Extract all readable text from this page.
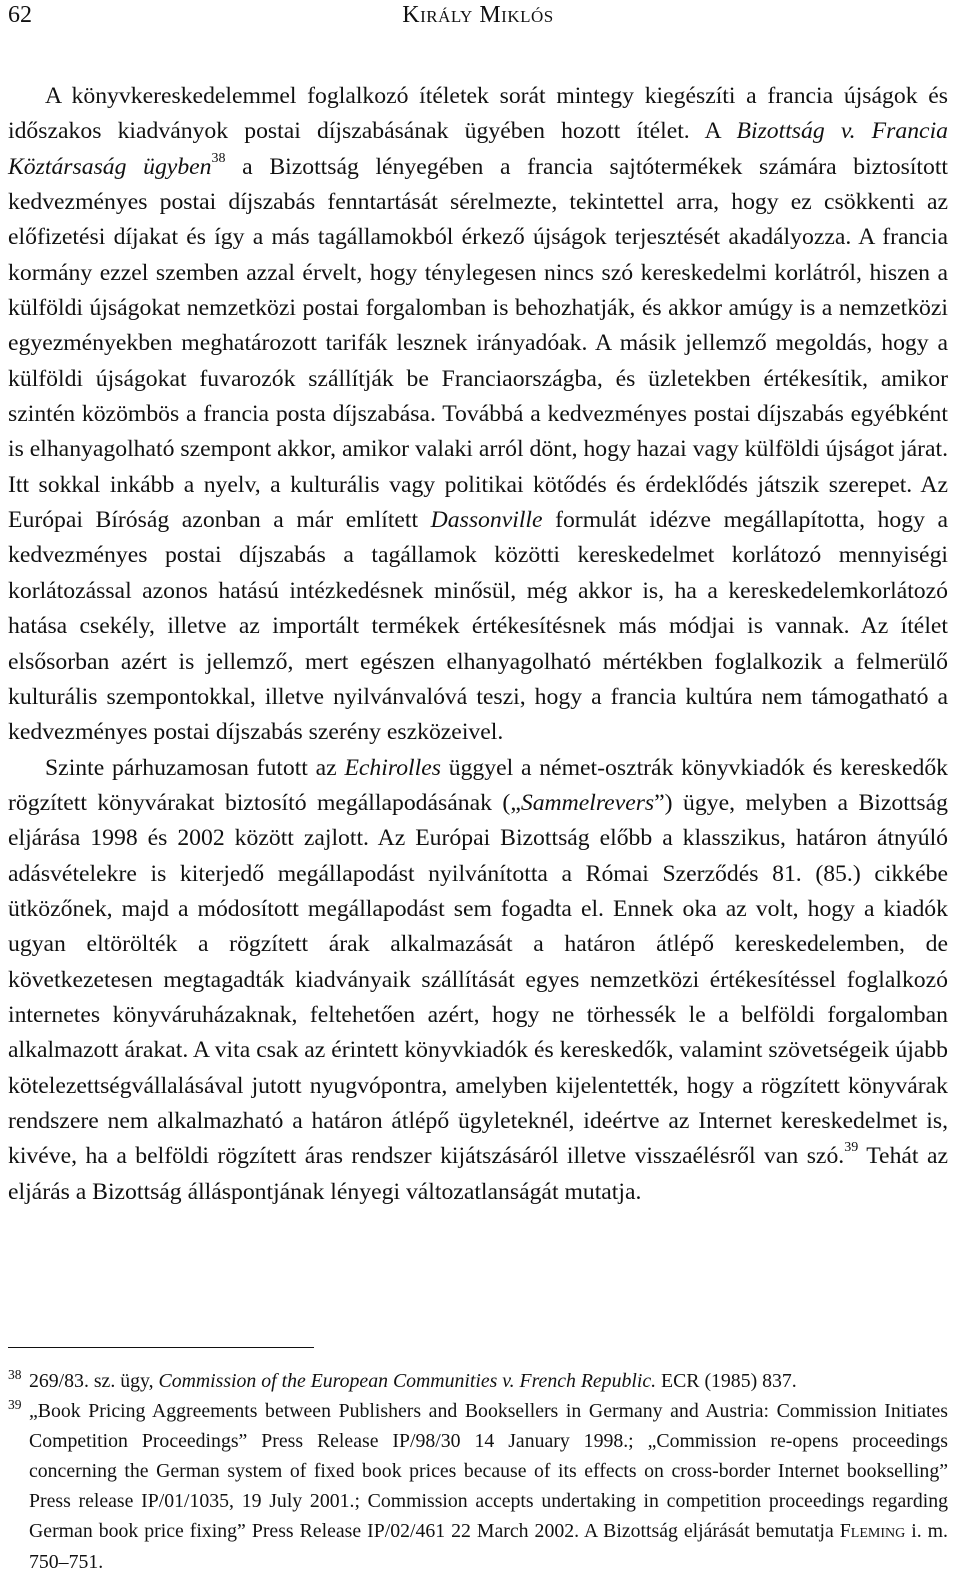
62	Király Miklós

A könyvkereskedelemmel foglalkozó ítéletek sorát mintegy kiegészíti a francia újságok és időszakos kiadványok postai díjszabásának ügyében hozott ítélet. A Bizottság v. Francia Köztársaság ügyben$^{38}$ a Bizottság lényegében a francia sajtótermékek számára biztosított kedvezményes postai díjszabás fenntartását sérelmezte, tekintettel arra, hogy ez csökkenti az előfizetési díjakat és így a más tagállamokból érkező újságok terjesztését akadályozza. A francia kormány ezzel szemben azzal érvelt, hogy ténylegesen nincs szó kereskedelmi korlátról, hiszen a külföldi újságokat nemzetközi postai forgalomban is behozhatják, és akkor amúgy is a nemzetközi egyezményekben meghatározott tarifák lesznek irányadóak. A másik jellemző megoldás, hogy a külföldi újságokat fuvarozók szállítják be Franciaországba, és üzletekben értékesítik, amikor szintén közömbös a francia posta díjszabása. Továbbá a kedvezményes postai díjszabás egyébként is elhanyagolható szempont akkor, amikor valaki arról dönt, hogy hazai vagy külföldi újságot járat. Itt sokkal inkább a nyelv, a kulturális vagy politikai kötődés és érdeklődés játszik szerepet. Az Európai Bíróság azonban a már említett Dassonville formulát idézve megállapította, hogy a kedvezményes postai díjszabás a tagállamok közötti kereskedelmet korlátozó mennyiségi korlátozással azonos hatású intézkedésnek minősül, még akkor is, ha a kereskedelemkorlátozó hatása csekély, illetve az importált termékek értékesítésnek más módjai is vannak. Az ítélet elsősorban azért is jellemző, mert egészen elhanyagolható mértékben foglalkozik a felmerülő kulturális szempontokkal, illetve nyilvánvalóvá teszi, hogy a francia kultúra nem támogatható a kedvezményes postai díjszabás szerény eszközeivel.

Szinte párhuzamosan futott az Echirolles üggyel a német-osztrák könyvkiadók és kereskedők rögzített könyvárakat biztosító megállapodásának („Sammelrevers”) ügye, melyben a Bizottság eljárása 1998 és 2002 között zajlott. Az Európai Bizottság előbb a klasszikus, határon átnyúló adásvételekre is kiterjedő megállapodást nyilvánította a Római Szerződés 81. (85.) cikkébe ütközőnek, majd a módosított megállapodást sem fogadta el. Ennek oka az volt, hogy a kiadók ugyan eltörölték a rögzített árak alkalmazását a határon átlépő kereskedelemben, de következetesen megtagadták kiadványaik szállítását egyes nemzetközi értékesítéssel foglalkozó internetes könyváruházaknak, feltehetően azért, hogy ne törhessék le a belföldi forgalomban alkalmazott árakat. A vita csak az érintett könyvkiadók és kereskedők, valamint szövetségeik újabb kötelezettségvállalásával jutott nyugvópontra, amelyben kijelentették, hogy a rögzített könyvárak rendszere nem alkalmazható a határon átlépő ügyleteknél, ideértve az Internet kereskedelmet is, kivéve, ha a belföldi rögzített áras rendszer kijátszásáról illetve visszaélésről van szó.$^{39}$ Tehát az eljárás a Bizottság álláspontjának lényegi változatlanságát mutatja.

38 269/83. sz. ügy, Commission of the European Communities v. French Republic. ECR (1985) 837.

39 „Book Pricing Aggreements between Publishers and Booksellers in Germany and Austria: Commission Initiates Competition Proceedings” Press Release IP/98/30 14 January 1998.; „Commission re-opens proceedings concerning the German system of fixed book prices because of its effects on cross-border Internet bookselling” Press release IP/01/1035, 19 July 2001.; Commission accepts undertaking in competition proceedings regarding German book price fixing” Press Release IP/02/461 22 March 2002. A Bizottság eljárását bemutatja Fleming i. m. 750–751.
